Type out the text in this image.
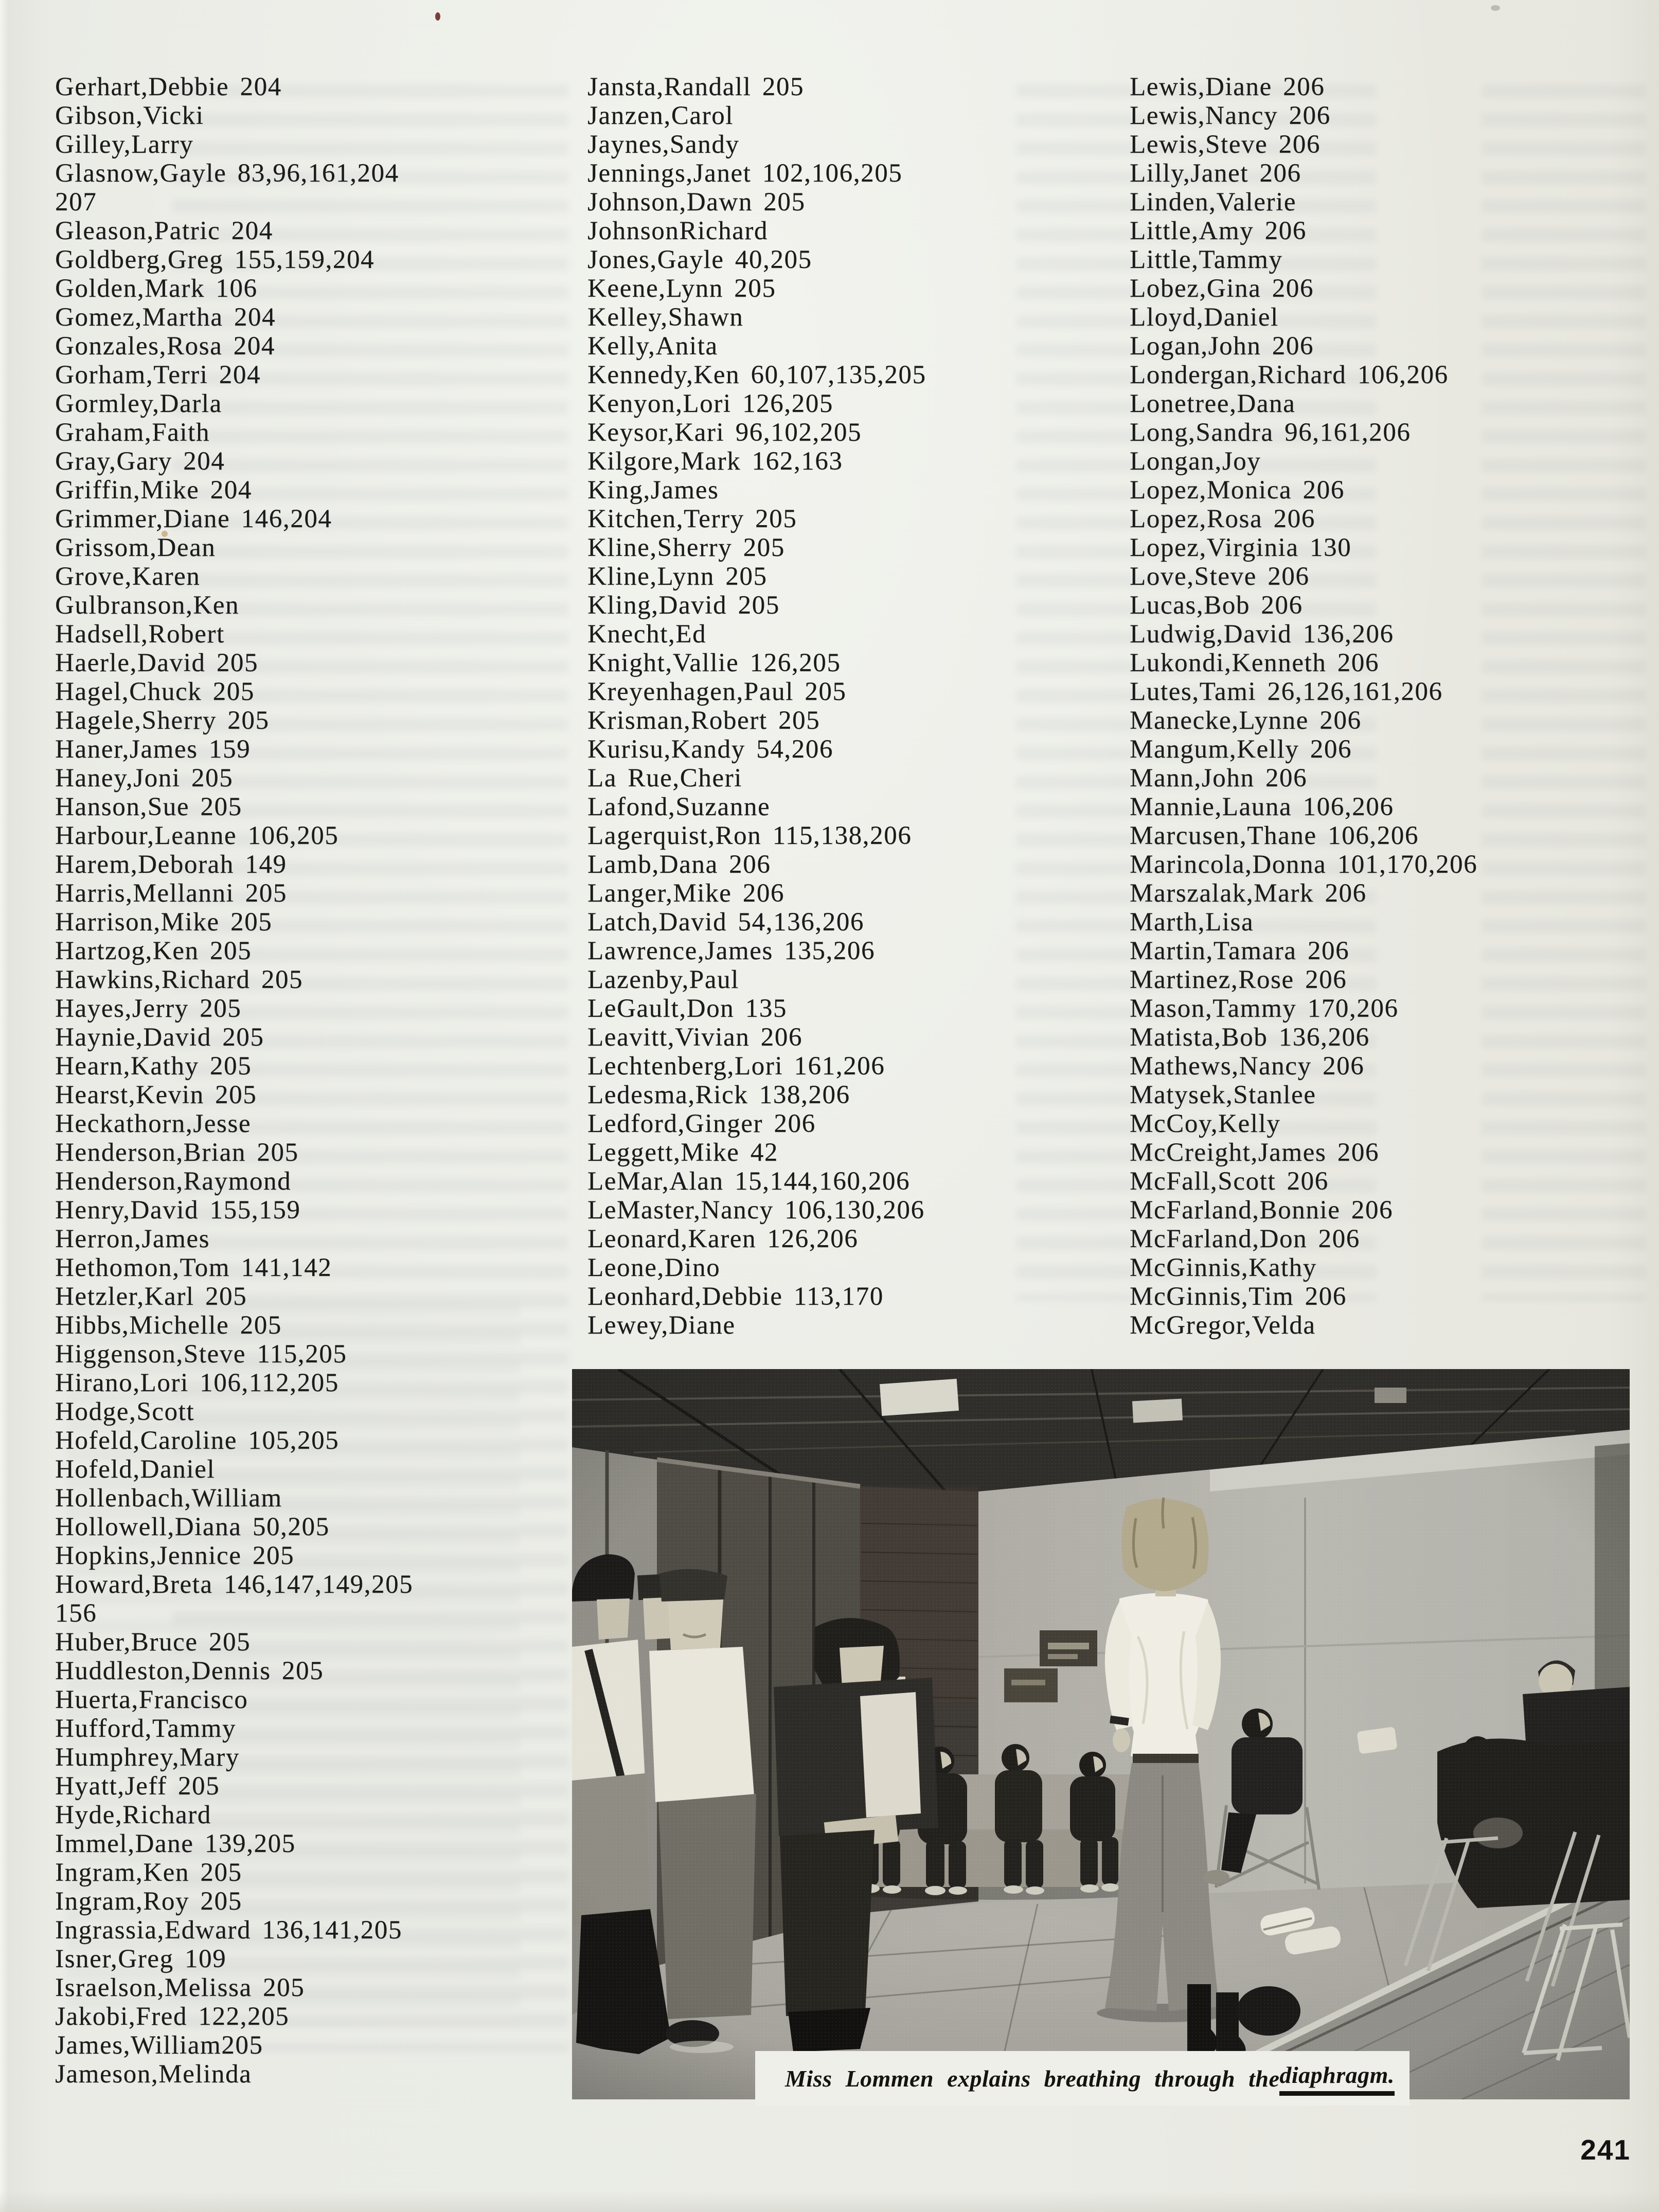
Gerhart,Debbie 204
Gibson,Vicki
Gilley,Larry
Glasnow,Gayle 83,96,161,204
207
Gleason,Patric 204
Goldberg,Greg 155,159,204
Golden,Mark 106
Gomez,Martha 204
Gonzales,Rosa 204
Gorham,Terri 204
Gormley,Darla
Graham,Faith
Gray,Gary 204
Griffin,Mike 204
Grimmer,Diane 146,204
Grissom,Dean
Grove,Karen
Gulbranson,Ken
Hadsell,Robert
Haerle,David 205
Hagel,Chuck 205
Hagele,Sherry 205
Haner,James 159
Haney,Joni 205
Hanson,Sue 205
Harbour,Leanne 106,205
Harem,Deborah 149
Harris,Mellanni 205
Harrison,Mike 205
Hartzog,Ken 205
Hawkins,Richard 205
Hayes,Jerry 205
Haynie,David 205
Hearn,Kathy 205
Hearst,Kevin 205
Heckathorn,Jesse
Henderson,Brian 205
Henderson,Raymond
Henry,David 155,159
Herron,James
Hethomon,Tom 141,142
Hetzler,Karl 205
Hibbs,Michelle 205
Higgenson,Steve 115,205
Hirano,Lori 106,112,205
Hodge,Scott
Hofeld,Caroline 105,205
Hofeld,Daniel
Hollenbach,William
Hollowell,Diana 50,205
Hopkins,Jennice 205
Howard,Breta 146,147,149,205
156
Huber,Bruce 205
Huddleston,Dennis 205
Huerta,Francisco
Hufford,Tammy
Humphrey,Mary
Hyatt,Jeff 205
Hyde,Richard
Immel,Dane 139,205
Ingram,Ken 205
Ingram,Roy 205
Ingrassia,Edward 136,141,205
Isner,Greg 109
Israelson,Melissa 205
Jakobi,Fred 122,205
James,William205
Jameson,Melinda
Jansta,Randall 205
Janzen,Carol
Jaynes,Sandy
Jennings,Janet 102,106,205
Johnson,Dawn 205
JohnsonRichard
Jones,Gayle 40,205
Keene,Lynn 205
Kelley,Shawn
Kelly,Anita
Kennedy,Ken 60,107,135,205
Kenyon,Lori 126,205
Keysor,Kari 96,102,205
Kilgore,Mark 162,163
King,James
Kitchen,Terry 205
Kline,Sherry 205
Kline,Lynn 205
Kling,David 205
Knecht,Ed
Knight,Vallie 126,205
Kreyenhagen,Paul 205
Krisman,Robert 205
Kurisu,Kandy 54,206
La Rue,Cheri
Lafond,Suzanne
Lagerquist,Ron 115,138,206
Lamb,Dana 206
Langer,Mike 206
Latch,David 54,136,206
Lawrence,James 135,206
Lazenby,Paul
LeGault,Don 135
Leavitt,Vivian 206
Lechtenberg,Lori 161,206
Ledesma,Rick 138,206
Ledford,Ginger 206
Leggett,Mike 42
LeMar,Alan 15,144,160,206
LeMaster,Nancy 106,130,206
Leonard,Karen 126,206
Leone,Dino
Leonhard,Debbie 113,170
Lewey,Diane
Lewis,Diane 206
Lewis,Nancy 206
Lewis,Steve 206
Lilly,Janet 206
Linden,Valerie
Little,Amy 206
Little,Tammy
Lobez,Gina 206
Lloyd,Daniel
Logan,John 206
Londergan,Richard 106,206
Lonetree,Dana
Long,Sandra 96,161,206
Longan,Joy
Lopez,Monica 206
Lopez,Rosa 206
Lopez,Virginia 130
Love,Steve 206
Lucas,Bob 206
Ludwig,David 136,206
Lukondi,Kenneth 206
Lutes,Tami 26,126,161,206
Manecke,Lynne 206
Mangum,Kelly 206
Mann,John 206
Mannie,Launa 106,206
Marcusen,Thane 106,206
Marincola,Donna 101,170,206
Marszalak,Mark 206
Marth,Lisa
Martin,Tamara 206
Martinez,Rose 206
Mason,Tammy 170,206
Matista,Bob 136,206
Mathews,Nancy 206
Matysek,Stanlee
McCoy,Kelly
McCreight,James 206
McFall,Scott 206
McFarland,Bonnie 206
McFarland,Don 206
McGinnis,Kathy
McGinnis,Tim 206
McGregor,Velda
Miss Lommen explains breathing through the diaphragm.
241
